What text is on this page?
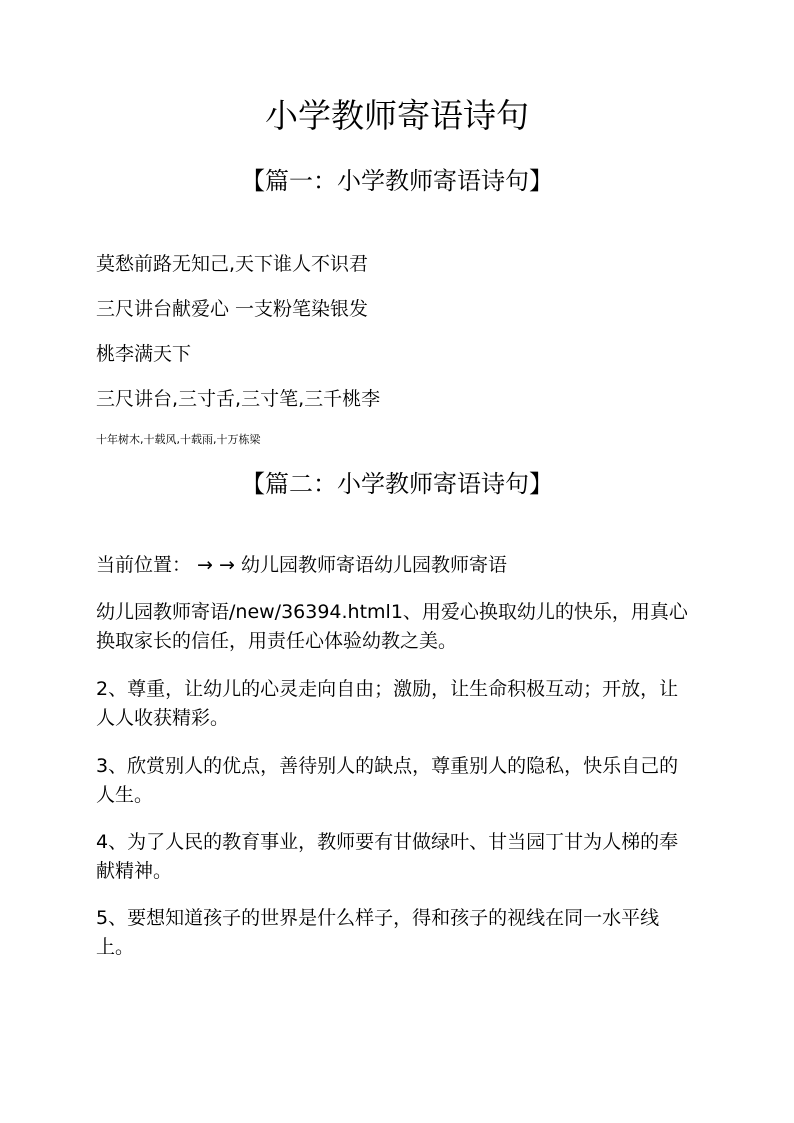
小学教师寄语诗句
【篇一：小学教师寄语诗句】
莫愁前路无知己,天下谁人不识君
三尺讲台献爱心 一支粉笔染银发
桃李满天下
三尺讲台,三寸舌,三寸笔,三千桃李
十年树木,十载风,十载雨,十万栋梁
【篇二：小学教师寄语诗句】
当前位置： → → 幼儿园教师寄语幼儿园教师寄语
幼儿园教师寄语/new/36394.html1、用爱心换取幼儿的快乐，用真心换取家长的信任，用责任心体验幼教之美。
2、尊重，让幼儿的心灵走向自由；激励，让生命积极互动；开放，让人人收获精彩。
3、欣赏别人的优点，善待别人的缺点，尊重别人的隐私，快乐自己的人生。
4、为了人民的教育事业，教师要有甘做绿叶、甘当园丁甘为人梯的奉献精神。
5、要想知道孩子的世界是什么样子，得和孩子的视线在同一水平线上。
